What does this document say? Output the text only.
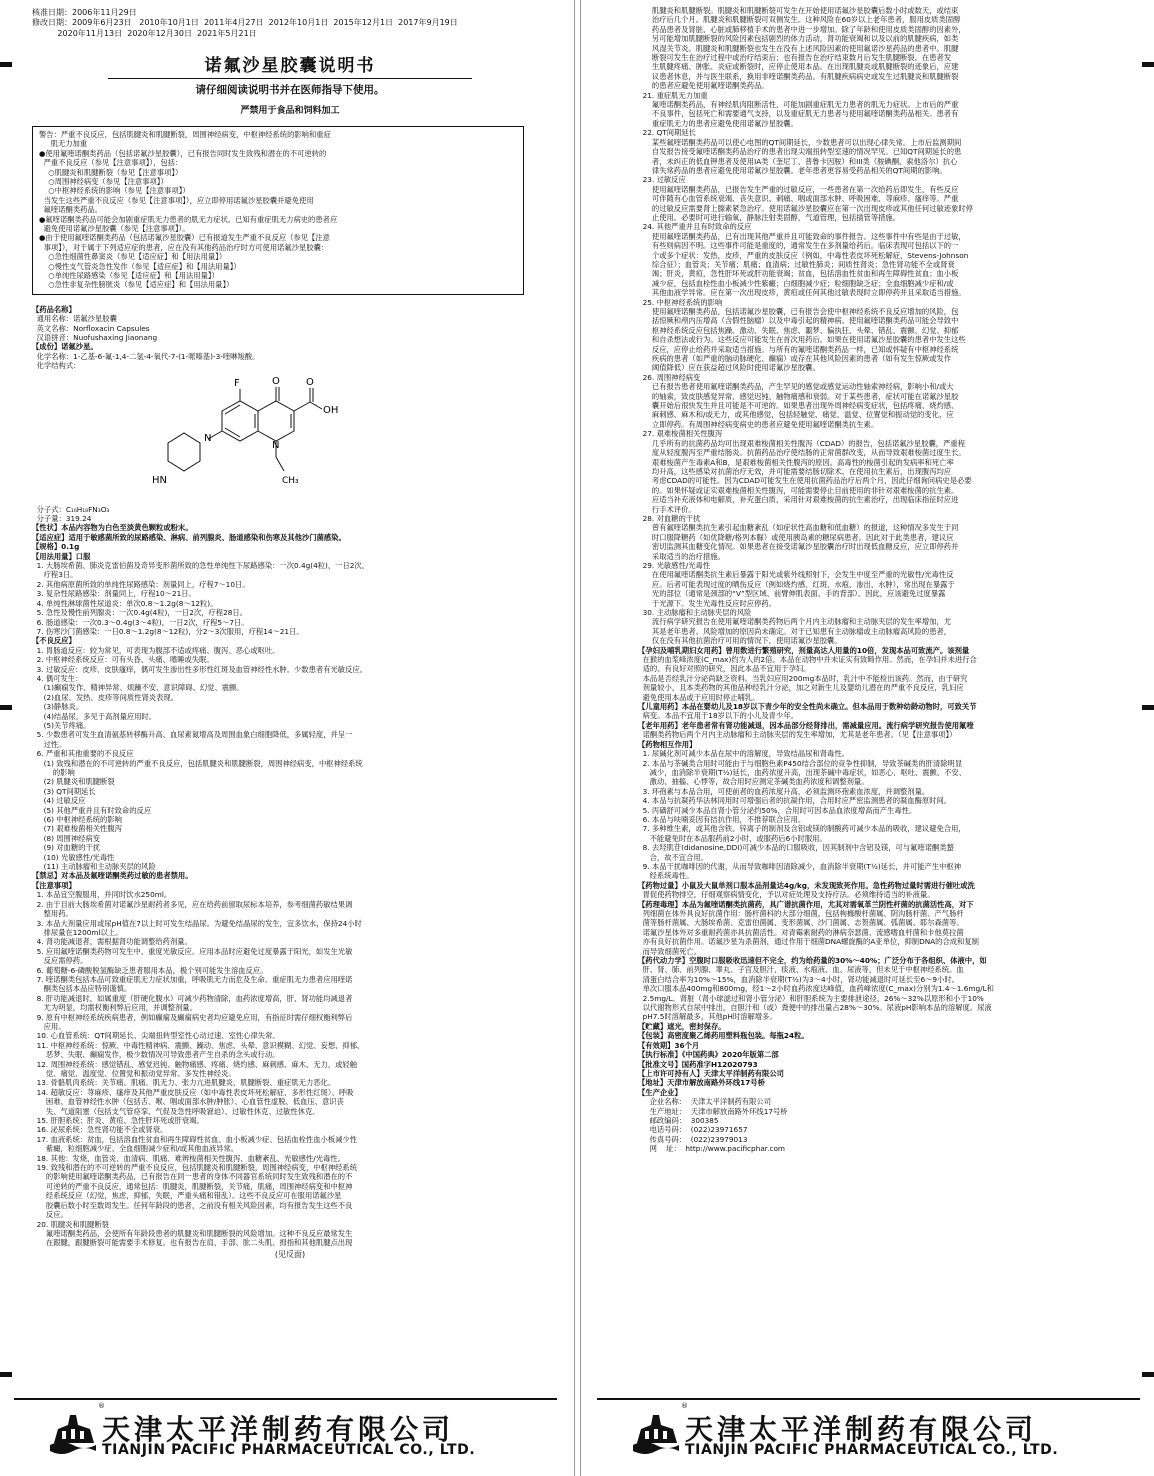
核准日期：2006年11月29日
修改日期：2009年6月23日   2010年10月1日  2011年4月27日  2012年10月1日  2015年12月1日  2017年9月19日
2020年11月13日  2020年12月30日  2021年5月21日
诺氟沙星胶囊说明书
请仔细阅读说明书并在医师指导下使用。
严禁用于食品和饲料加工
警告：严重不良反应，包括肌腱炎和肌腱断裂，周围神经病变，中枢神经系统的影响和重症
肌无力加重
●使用氟喹诺酮类药品（包括诺氟沙星胶囊），已有报告同时发生致残和潜在的不可逆转的
严重不良反应（参见【注意事项】），包括：
○肌腱炎和肌腱断裂（参见【注意事项】）
○周围神经病变（参见【注意事项】）
○中枢神经系统的影响（参见【注意事项】）
当发生这些严重不良反应（参见【注意事项】），应立即停用诺氟沙星胶囊并避免使用
氟喹诺酮类药品。
●氟喹诺酮类药品可能会加剧重症肌无力患者的肌无力症状。已知有重症肌无力病史的患者应
避免使用诺氟沙星胶囊（参见【注意事项】）。
●由于使用氟喹诺酮类药品（包括诺氟沙星胶囊）已有报道发生严重不良反应（参见【注意
事项】），对于属于下列适应症的患者，应在没有其他药品治疗时方可使用诺氟沙星胶囊：
○急性细菌性鼻窦炎（参见【适应症】和【用法用量】）
○慢性支气管炎急性发作（参见【适应症】和【用法用量】）
○单纯性尿路感染（参见【适应症】和【用法用量】）
○急性非复杂性膀胱炎（参见【适应症】和【用法用量】）
【药品名称】
通用名称：诺氟沙星胶囊
英文名称：Norfloxacin Capsules
汉语拼音：Nuofushaxing Jiaonang
【成份】诺氟沙星。
化学名称：1-乙基-6-氟-1,4-二氢-4-氧代-7-(1-哌嗪基)-3-喹啉羧酸。
化学结构式：
F	O	O
OH
N
N
HN	CH₃
分子式：C₁₆H₁₈FN₃O₃
分子量：319.24
【性状】本品内容物为白色至淡黄色颗粒或粉末。
【适应症】适用于敏感菌所致的尿路感染、淋病、前列腺炎、肠道感染和伤寒及其他沙门菌感染。
【规格】0.1g
【用法用量】口服
1. 大肠埃希菌、肺炎克雷伯菌及奇异变形菌所致的急性单纯性下尿路感染：一次0.4g(4粒)，一日2次，
疗程3日。
2. 其他病原菌所致的单纯性尿路感染：剂量同上，疗程7～10日。
3. 复杂性尿路感染：剂量同上，疗程10～21日。
4. 单纯性淋球菌性尿道炎：单次0.8～1.2g(8～12粒)。
5. 急性及慢性前列腺炎：一次0.4g(4粒)，一日2次，疗程28日。
6. 肠道感染：一次0.3～0.4g(3～4粒)，一日2次，疗程5～7日。
7. 伤寒沙门菌感染：一日0.8～1.2g(8～12粒)，分2～3次服用，疗程14～21日。
【不良反应】
1. 胃肠道反应：较为常见，可表现为腹部不适或疼痛、腹泻、恶心或呕吐。
2. 中枢神经系统反应：可有头昏、头痛、嗜睡或失眠。
3. 过敏反应：皮疹、皮肤瘙痒，偶可发生渗出性多形性红斑及血管神经性水肿。少数患者有光敏反应。
4. 偶可发生：
(1)癫痫发作、精神异常、烦躁不安、意识障碍、幻觉、震颤。
(2)血尿、发热、皮疹等间质性肾炎表现。
(3)静脉炎。
(4)结晶尿，多见于高剂量应用时。
(5)关节疼痛。
5. 少数患者可发生血清氨基转移酶升高、血尿素氮增高及周围血象白细胞降低，多属轻度，并呈一
过性。
6. 严重和其他重要的不良反应
(1) 致残和潜在的不可逆转的严重不良反应，包括肌腱炎和肌腱断裂，周围神经病变，中枢神经系统
的影响
(2) 肌腱炎和肌腱断裂
(3) QT间期延长
(4) 过敏反应
(5) 其他严重并且有时致命的反应
(6) 中枢神经系统的影响
(7) 艰难梭菌相关性腹泻
(8) 周围神经病变
(9) 对血糖的干扰
(10) 光敏感性/光毒性
(11) 主动脉瘤和主动脉夹层的风险
【禁忌】对本品及氟喹诺酮类药过敏的患者禁用。
【注意事项】
1. 本品宜空腹服用，并同时饮水250ml。
2. 由于目前大肠埃希菌对诺氟沙星耐药者多见，应在给药前留取尿标本培养，参考细菌药敏结果调
整用药。
3. 本品大剂量应用或尿pH值在7以上时可发生结晶尿。为避免结晶尿的发生，宜多饮水，保持24小时
排尿量在1200ml以上。
4. 肾功能减退者，需根据肾功能调整给药剂量。
5. 应用氟喹诺酮类药物可发生中、重度光敏反应。应用本品时应避免过度暴露于阳光，如发生光敏
反应需停药。
6. 葡萄糖-6-磷酸脱氢酶缺乏患者服用本品，极个别可能发生溶血反应。
7. 喹诺酮类包括本品可致重症肌无力症状加重，呼吸肌无力而危及生命。重症肌无力患者应用喹诺
酮类包括本品应特别谨慎。
8. 肝功能减退时，如属重度（肝硬化腹水）可减少药物清除，血药浓度增高，肝、肾功能均减退者
尤为明显，均需权衡利弊后应用，并调整剂量。
9. 原有中枢神经系统疾病患者，例如癫痫及癫痫病史者均应避免应用，有指征时需仔细权衡利弊后
应用。
10. 心血管系统：QT间期延长、尖端扭转型室性心动过速、室性心律失常。
11. 中枢神经系统：惊厥、中毒性精神病、震颤、躁动、焦虑、头晕、意识模糊、幻觉、妄想、抑郁、
恶梦、失眠、癫痫发作，极少数情况可导致患者产生自杀的念头或行动。
12. 周围神经系统：感觉错乱、感觉迟钝、触物痛感、疼痛、烧灼感、麻刺感、麻木、无力，或轻触
觉、痛觉、温度觉、位置觉和振动觉异常、多发性神经炎。
13. 骨骼肌肉系统：关节痛、肌痛、肌无力、张力亢进肌腱炎、肌腱断裂、重症肌无力恶化。
14. 超敏反应：荨麻疹、瘙痒及其他严重皮肤反应（如中毒性表皮坏死松解症、多形性红斑）、呼吸
困难、血管神经性水肿（包括舌、喉、咽或面部水肿/肿胀）、心血管性虚脱、低血压、意识丧
失、气道阻塞（包括支气管痉挛、气促及急性呼吸窘迫）、过敏性休克、过敏性休克。
15. 肝胆系统：肝炎、黄疸、急性肝坏死或肝衰竭。
16. 泌尿系统：急性肾功能不全或肾衰。
17. 血液系统：贫血，包括溶血性贫血和再生障碍性贫血、血小板减少症、包括血栓性血小板减少性
紫癜，粒细胞减少症、全血细胞减少症和/或其他血液异常。
18. 其他：发烧、血管炎、血清病、肌痛、难辨梭菌相关性腹泻、血糖紊乱、光敏感性/光毒性。
19. 致残和潜在的不可逆转的严重不良反应，包括肌腱炎和肌腱断裂，周围神经病变，中枢神经系统
的影响使用氟喹诺酮类药品，已有报告在同一患者的身体不同器官系统同时发生致残和潜在的不
可逆转的严重不良反应，通常包括：肌腱炎，肌腱断裂，关节痛，肌痛，周围神经病变和中枢神
经系统反应（幻觉，焦虑，抑郁，失眠，严重头痛和错乱）。这些不良反应可在服用诺氟沙星
胶囊后数小时至数周发生。任何年龄段的患者，之前没有相关风险因素，均有报告发生这些不良
反应。
20. 肌腱炎和肌腱断裂
氟喹诺酮类药品，会使所有年龄段患者的肌腱炎和肌腱断裂的风险增加。这种不良反应最常发生
在跟腱，跟腱断裂可能需要手术修复。也有报告在肩、手部、肱二头肌、拇指和其他肌腱点出现
(见反面)
®
天津太平洋制药有限公司
TIANJIN PACIFIC PHARMACEUTICAL CO., LTD.
肌腱炎和肌腱断裂。肌腱炎和肌腱断裂可发生在开始使用诺氟沙星胶囊后数小时或数天，或结束
治疗后几个月。肌腱炎和肌腱断裂可双侧发生。这种风险在60岁以上老年患者，服用皮质类固醇
药品患者及肾脏、心脏或肺移植手术的患者中进一步增加。除了年龄和使用皮质类固醇的因素外，
另可能增加肌腱断裂的风险因素包括剧烈的体力活动，肾功能衰竭和以及以前的肌腱疾病，如类
风湿关节炎。肌腱炎和肌腱断裂也发生在没有上述风险因素的使用氟诺沙星药品的患者中。肌腱
断裂可发生在治疗过程中或治疗结束后；也有报告在治疗结束数月后发生肌腱断裂。在患者发
生肌腱疼痛、肿胀、炎症或断裂时，应停止使用本品。在出现肌腱炎或肌腱断裂的迹象后，应建
议患者休息，并与医生联系，换用非喹诺酮类药品。有肌腱疾病病史或发生过肌腱炎和肌腱断裂
的患者应避免使用氟喹诺酮类药品。
21. 重症肌无力加重
氟喹诺酮类药品，有神经肌肉阻断活性，可能加剧重症肌无力患者的肌无力症状。上市后的严重
不良事件，包括死亡和需要通气支持，以及重症肌无力患者与使用氟喹诺酮类药品相关。患者有
重症肌无力的患者应避免使用诺氟沙星胶囊。
22. QT间期延长
某些氟喹诺酮类药品可以使心电图的QT间期延长，少数患者可以出现心律失常。上市后监测期间
自发报告接受氟喹诺酮类药品治疗的患者出现尖端扭转型室速的情况罕见。已知QT间期延长的患
者，未纠正的低血钾患者及使用IA类（奎尼丁、普鲁卡因胺）和III类（胺碘酮、索他洛尔）抗心
律失常药品的患者应避免使用诺氟沙星胶囊。老年患者更容易受药品相关的QT间期的影响。
23. 过敏反应
使用氟喹诺酮类药品，已报告发生严重的过敏反应，一些患者在第一次给药后即发生，有些反应
可伴随有心血管系统衰竭、丧失意识、刺痛、咽或面部水肿、呼吸困难、荨麻疹、瘙痒等。严重
的过敏反应需要肾上腺素紧急治疗。使用诺氟沙星胶囊应在第一次出现皮疹或其他任何过敏迹象时停
止使用。必要时可进行输氧，静脉注射类固醇，气道管理，包括插管等措施。
24. 其他严重并且有时致命的反应
使用氟喹诺酮类药品，已有出现其他严重并且可能致命的事件报告。这些事件中有些是由于过敏，
有些则病因不明。这些事件可能是重度的，通常发生在多剂量给药后。临床表现可包括以下的一
个或多个症状：发热，皮疹，严重的皮肤反应（例如，中毒性表皮坏死松解症，Stevens-Johnson
综合征）；血管炎；关节痛；肌痛；血清病；过敏性肺炎；间质性肾炎；急性肾功能不全或肾衰
竭；肝炎，黄疸，急性肝坏死或肝功能衰竭；贫血，包括溶血性贫血和再生障碍性贫血；血小板
减少症，包括血栓性血小板减少性紫癜；白细胞减少症；粒细胞缺乏症；全血细胞减少症和/或
其他血液学异常。应在第一次出现皮疹，黄疸或任何其他过敏表现时立即停药并且采取适当措施。
25. 中枢神经系统的影响
使用氟喹诺酮类药品，包括诺氟沙星胶囊，已有报告会使中枢神经系统不良反应增加的风险，包
括惊厥和颅内压增高（含假性脑瘤）以及中毒引起的精神病。使用氟喹诺酮类药品可能会导致中
枢神经系统反应包括焦躁、激动、失眠、焦虑、噩梦、偏执狂、头晕、错乱、震颤、幻觉、抑郁
和自杀想法或行为。这些反应可能发生在首次用药后。如果在使用诺氟沙星胶囊的患者中发生这些
反应，应停止给药并采取适当措施。与所有的氟喹诺酮类药品一样，已知或怀疑有中枢神经系统
疾病的患者（如严重的脑动脉硬化、癫痫）或存在其他风险因素的患者（如有发生惊厥或发作
阈值降低）应在获益超过风险时使用诺氟沙星胶囊。
26. 周围神经病变
已有报告患者使用氟喹诺酮类药品，产生罕见的感觉或感觉运动性轴索神经病，影响小和/或大
的轴索，致皮肤感觉异常、感觉迟钝、触物痛感和衰弱。对于某些患者，症状可能在诺氟沙星胶
囊开始后很快发生并且可能是不可逆的。如果患者出现外周神经病变症状，包括疼痛、烧灼感、
麻刺感、麻木和/或无力，或其他感觉，包括轻触觉、痛觉、温觉、位置觉和振动觉的变化，应
立即停药。有周围神经病变病史的患者应避免使用氟喹诺酮类抗生素。
27. 艰难梭菌相关性腹泻
几乎所有的抗菌药品均可出现艰难梭菌相关性腹泻（CDAD）的报告，包括诺氟沙星胶囊，严重程
度从轻度腹泻至严重结肠炎。抗菌药品治疗使结肠的正常菌群改变，从而导致艰难梭菌过度生长。
艰难梭菌产生毒素A和B，是艰难梭菌相关性腹泻的原因。高毒性的梭菌引起的发病率和死亡率
均升高，这些感染对抗菌治疗无效，并可能需要结肠切除术。在使用抗生素后，出现腹泻均应
考虑CDAD的可能性。因为CDAD可能发生在使用抗菌药品治疗后两个月，因此仔细询问病史是必要
的。如果怀疑或证实艰难梭菌相关性腹泻，可能需要停止目前使用的非针对艰难梭菌的抗生素。
应适当补充液体和电解质，补充蛋白质，采用针对艰难梭菌的抗生素治疗，出现临床指征时应进
行手术评价。
28. 对血糖的干扰
曾有氟喹诺酮类抗生素引起血糖紊乱（如症状性高血糖和低血糖）的报道，这种情况多发生于同
时口服降糖药（如优降糖/格列本脲）或使用胰岛素的糖尿病患者。因此对于此类患者，建议应
密切监测其血糖变化情况。如果患者在接受诺氟沙星胶囊治疗时出现低血糖反应，应立即停药并
采取适当的治疗措施。
29. 光敏感性/光毒性
在使用氟喹诺酮类抗生素后暴露于阳光或紫外线照射下，会发生中度至严重的光敏性/光毒性反
应。后者可能表现过度的晒伤反应（例如烧灼感、红斑、水疱、渗出、水肿），常出现在暴露于
光的部位（通常是颈部的“V”型区域、前臂伸肌表面、手的背部）。因此，应该避免过度暴露
于光源下。发生光毒性反应时应停药。
30. 主动脉瘤和主动脉夹层的风险
流行病学研究报告在使用氟喹诺酮类药物后两个月内主动脉瘤和主动脉夹层的发生率增加，尤
其是老年患者。风险增加的原因尚未确定。对于已知患有主动脉瘤或主动脉瘤高风险的患者，
仅在没有其他抗菌治疗可用的情况下，使用诺氟沙星胶囊。
【孕妇及哺乳期妇女用药】曾用数进行繁殖研究，剂量高达人用量的10倍，发现本品可致流产。该剂量
在猴的血浆峰浓度(C_max)约为人的2倍。本品在动物中并未证实有致畸作用。然而，在孕妇并未进行合
适的、有良好对照的研究，因此本品不宜用于孕妇。
本品是否经乳汁分泌尚缺乏资料。当乳妇应用200mg本品时，乳汁中不能检出该药。然而，由于研究
剂量较小，且本类药物的其他品种经乳汁分泌，加之对新生儿及婴幼儿潜在的严重不良反应，乳妇应
避免使用本品或于应用时停止哺乳。
【儿童用药】本品在婴幼儿及18岁以下青少年的安全性尚未确立。但本品用于数种幼龄动物时，可致关节
病变。本品不宜用于18岁以下的小儿及青少年。
【老年用药】老年患者常有肾功能减退，因本品部分经肾排出，需减量应用。流行病学研究报告使用氟喹
诺酮类药物后两个月内主动脉瘤和主动脉夹层的发生率增加，尤其是老年患者。（见【注意事项】）
【药物相互作用】
1. 尿碱化剂可减少本品在尿中的溶解度，导致结晶尿和肾毒性。
2. 本品与茶碱类合用时可能由于与细胞色素P450结合部位的竞争性抑制，导致茶碱类的肝清除明显
减少，血消除半衰期(T½)延长，血药浓度升高，出现茶碱中毒症状，如恶心、呕吐、震颤、不安、
激动、抽搐、心悸等，故合用时应测定茶碱类血药浓度和调整剂量。
3. 环孢素与本品合用，可使前者的血药浓度升高，必须监测环孢素血浓度，并调整剂量。
4. 本品与抗凝药华法林同用时可增强后者的抗凝作用，合用时应严密监测患者的凝血酶原时间。
5. 丙磺舒可减少本品自肾小管分泌约50%，合用时可因本品血浓度增高而产生毒性。
6. 本品与呋喃妥因有拮抗作用，不推荐联合应用。
7. 多种维生素，或其他含铁、锌离子的制剂及含铝或镁的制酸药可减少本品的吸收，建议避免合用，
不能避免时在本品服药前2小时，或服药后6小时服用。
8. 去羟肌苷(didanosine,DDI)可减少本品的口服吸收，因其制剂中含铝及镁，可与氟喹诺酮类螯
合，故不宜合用。
9. 本品干扰咖啡因的代谢，从而导致咖啡因清除减少，血消除半衰期(T½)延长，并可能产生中枢神
经系统毒性。
【药物过量】小鼠及大鼠单剂口服本品剂量达4g/kg，未发现致死作用。急性药物过量时需进行催吐或洗
胃促使药物排空，仔细观察病情变化，予以对症处理及支持疗法。必须维持适当的补液量。
【药理毒理】本品为氟喹诺酮类抗菌药，具广谱抗菌作用，尤其对需氧革兰阴性杆菌的抗菌活性高，对下
列细菌在体外具良好抗菌作用：肠杆菌科的大部分细菌，包括枸橼酸杆菌属、阴沟肠杆菌、产气肠杆
菌等肠杆菌属、大肠埃希菌、克雷伯菌属、变形菌属、沙门菌属、志贺菌属、弧菌属、耶尔森菌等。
诺氟沙星体外对多重耐药菌亦具抗菌活性。对青霉素耐药的淋病奈瑟菌、流感嗜血杆菌和卡他莫拉菌
亦有良好抗菌作用。诺氟沙星为杀菌剂，通过作用于细菌DNA螺旋酶的A亚单位，抑制DNA的合成和复制
而导致细菌死亡。
【药代动力学】空腹时口服吸收迅速但不完全，约为给药量的30%～40%；广泛分布于各组织、体液中，如
肝、肾、肺、前列腺、睾丸、子宫及胆汁、痰液、水疱液、血、尿液等，但未见于中枢神经系统。血
清蛋白结合率为10%～15%，血消除半衰期(T½)为3～4小时，肾功能减退时可延长至6～9小时。
单次口服本品400mg和800mg，经1～2小时血药浓度达峰值，血药峰浓度(C_max)分别为1.4～1.6mg/L和
2.5mg/L。肾脏（肾小球滤过和肾小管分泌）和肝胆系统为主要排泄途径，26%～32%以原形和小于10%
以代谢物形式自尿中排出，自胆汁和（或）粪便中的排出量占28%～30%。尿液pH影响本品的溶解度。尿液
pH7.5时溶解最多，其他pH时溶解增多。
【贮藏】遮光，密封保存。
【包装】高密度聚乙烯药用塑料瓶包装。每瓶24粒。
【有效期】36个月
【执行标准】《中国药典》2020年版第二部
【批准文号】国药准字H12020793
【上市许可持有人】天津太平洋制药有限公司
【地址】天津市解放南路外环线17号桥
【生产企业】
企业名称：  天津太平洋制药有限公司
生产地址：  天津市解放南路外环线17号桥
邮政编码：  300385
电话号码：  (022)23971657
传真号码：  (022)23979013
网    址：  http://www.pacificphar.com
®
天津太平洋制药有限公司
TIANJIN PACIFIC PHARMACEUTICAL CO., LTD.
